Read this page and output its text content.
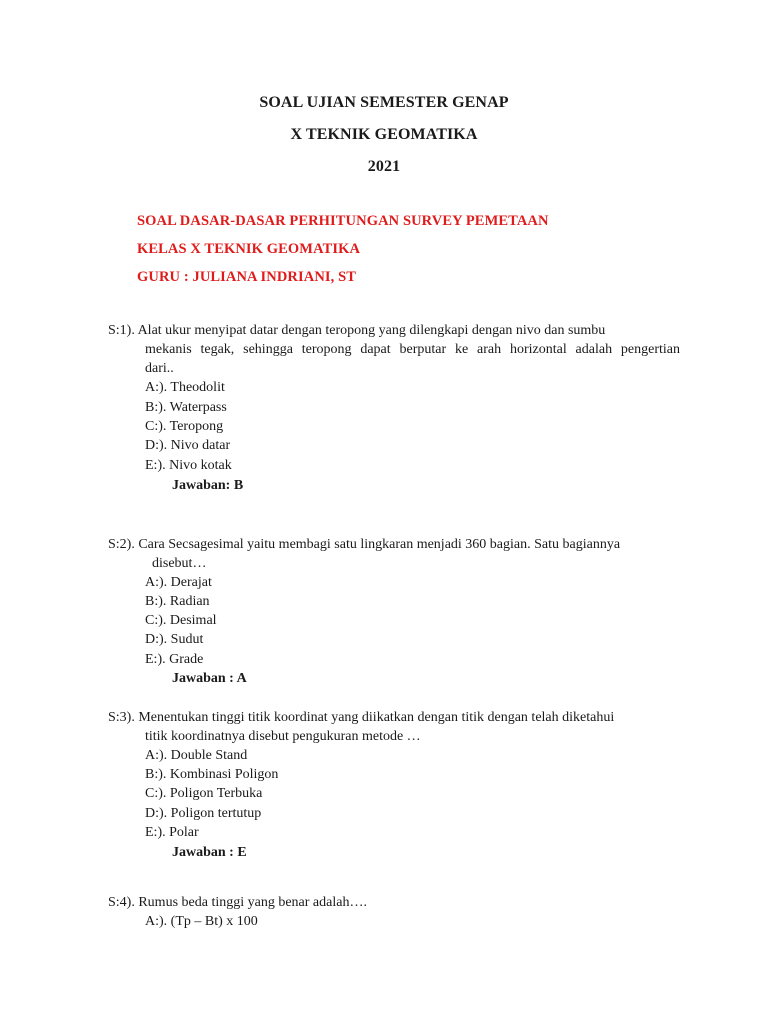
SOAL UJIAN SEMESTER GENAP
X TEKNIK GEOMATIKA
2021
SOAL DASAR-DASAR PERHITUNGAN SURVEY PEMETAAN
KELAS X TEKNIK GEOMATIKA
GURU : JULIANA INDRIANI, ST
S:1). Alat ukur menyipat datar dengan teropong yang dilengkapi dengan nivo dan sumbu
mekanis tegak, sehingga teropong dapat berputar ke arah horizontal adalah pengertian
dari..
A:). Theodolit
B:). Waterpass
C:). Teropong
D:). Nivo datar
E:). Nivo kotak
Jawaban: B
S:2). Cara Secsagesimal yaitu membagi satu lingkaran menjadi 360 bagian. Satu bagiannya
disebut…
A:). Derajat
B:). Radian
C:). Desimal
D:). Sudut
E:). Grade
Jawaban : A
S:3). Menentukan tinggi titik koordinat yang diikatkan dengan titik dengan telah diketahui
titik koordinatnya disebut pengukuran metode …
A:). Double Stand
B:). Kombinasi Poligon
C:). Poligon Terbuka
D:). Poligon tertutup
E:). Polar
Jawaban : E
S:4). Rumus beda tinggi yang benar adalah….
A:). (Tp – Bt) x 100
